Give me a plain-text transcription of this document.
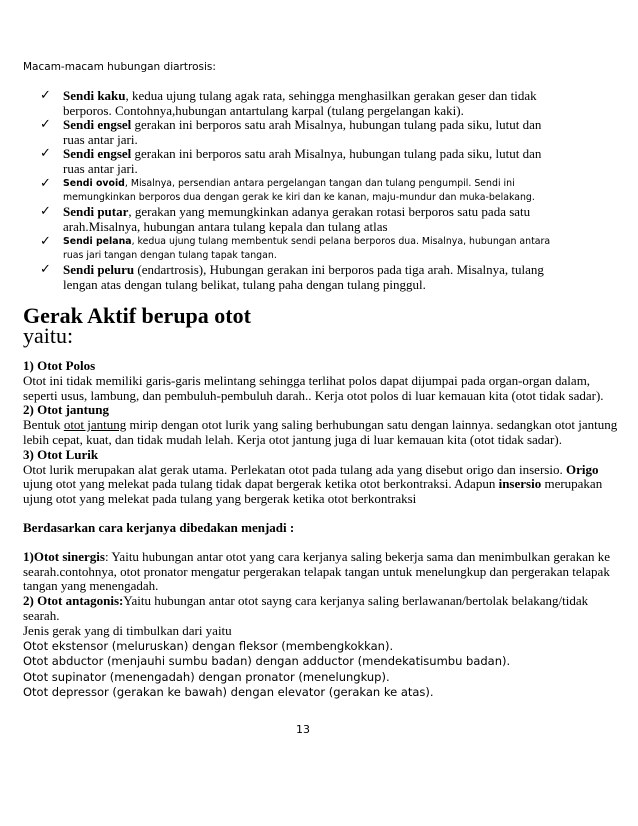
Macam-macam hubungan diartrosis:
✓ Sendi kaku, kedua ujung tulang agak rata, sehingga menghasilkan gerakan geser dan tidak berporos. Contohnya,hubungan antartulang karpal (tulang pergelangan kaki).
✓ Sendi engsel gerakan ini berporos satu arah Misalnya, hubungan tulang pada siku, lutut dan ruas antar jari.
✓ Sendi engsel gerakan ini berporos satu arah Misalnya, hubungan tulang pada siku, lutut dan ruas antar jari.
✓ Sendi ovoid, Misalnya, persendian antara pergelangan tangan dan tulang pengumpil. Sendi ini memungkinkan berporos dua dengan gerak ke kiri dan ke kanan, maju-mundur dan muka-belakang.
✓ Sendi putar, gerakan yang memungkinkan adanya gerakan rotasi berporos satu pada satu arah.Misalnya, hubungan antara tulang kepala dan tulang atlas
✓ Sendi pelana, kedua ujung tulang membentuk sendi pelana berporos dua. Misalnya, hubungan antara ruas jari tangan dengan tulang tapak tangan.
✓ Sendi peluru (endartrosis), Hubungan gerakan ini berporos pada tiga arah. Misalnya, tulang lengan atas dengan tulang belikat, tulang paha dengan tulang pinggul.
Gerak Aktif berupa otot
yaitu:

1) Otot Polos

Otot ini tidak memiliki garis-garis melintang sehingga terlihat polos dapat dijumpai pada organ-organ dalam, seperti usus, lambung, dan pembuluh-pembuluh darah.. Kerja otot polos di luar kemauan kita (otot tidak sadar).

2) Otot jantung

Bentuk otot jantung mirip dengan otot lurik yang saling berhubungan satu dengan lainnya. sedangkan otot jantung lebih cepat, kuat, dan tidak mudah lelah. Kerja otot jantung juga di luar kemauan kita (otot tidak sadar).

3) Otot Lurik

Otot lurik merupakan alat gerak utama. Perlekatan otot pada tulang ada yang disebut origo dan insersio. Origo ujung otot yang melekat pada tulang tidak dapat bergerak ketika otot berkontraksi. Adapun insersio merupakan ujung otot yang melekat pada tulang yang bergerak ketika otot berkontraksi

Berdasarkan cara kerjanya dibedakan menjadi :

1)Otot sinergis: Yaitu hubungan antar otot yang cara kerjanya saling bekerja sama dan menimbulkan gerakan ke searah.contohnya, otot pronator mengatur pergerakan telapak tangan untuk menelungkup dan pergerakan telapak tangan yang menengadah.

2) Otot antagonis:Yaitu hubungan antar otot sayng cara kerjanya saling berlawanan/bertolak belakang/tidak searah.

Jenis gerak yang di timbulkan dari yaitu

Otot ekstensor (meluruskan) dengan fleksor (membengkokkan).

Otot abductor (menjauhi sumbu badan) dengan adductor (mendekatisumbu badan).

Otot supinator (menengadah) dengan pronator (menelungkup).

Otot depressor (gerakan ke bawah) dengan elevator (gerakan ke atas).

13
